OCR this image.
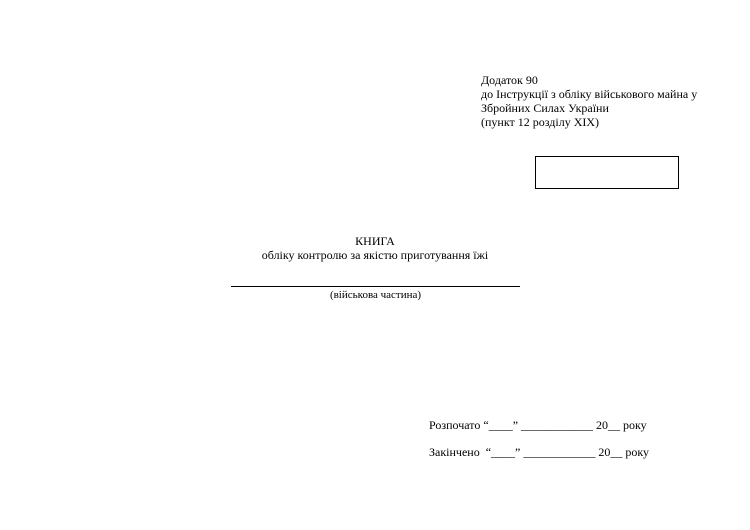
Додаток 90
до Інструкції з обліку військового майна у
Збройних Силах України
(пункт 12 розділу XIX)
КНИГА
обліку контролю за якістю приготування їжі
(військова частина)
Розпочато “____” ____________ 20__ року
Закінчено  “____” ____________ 20__ року
